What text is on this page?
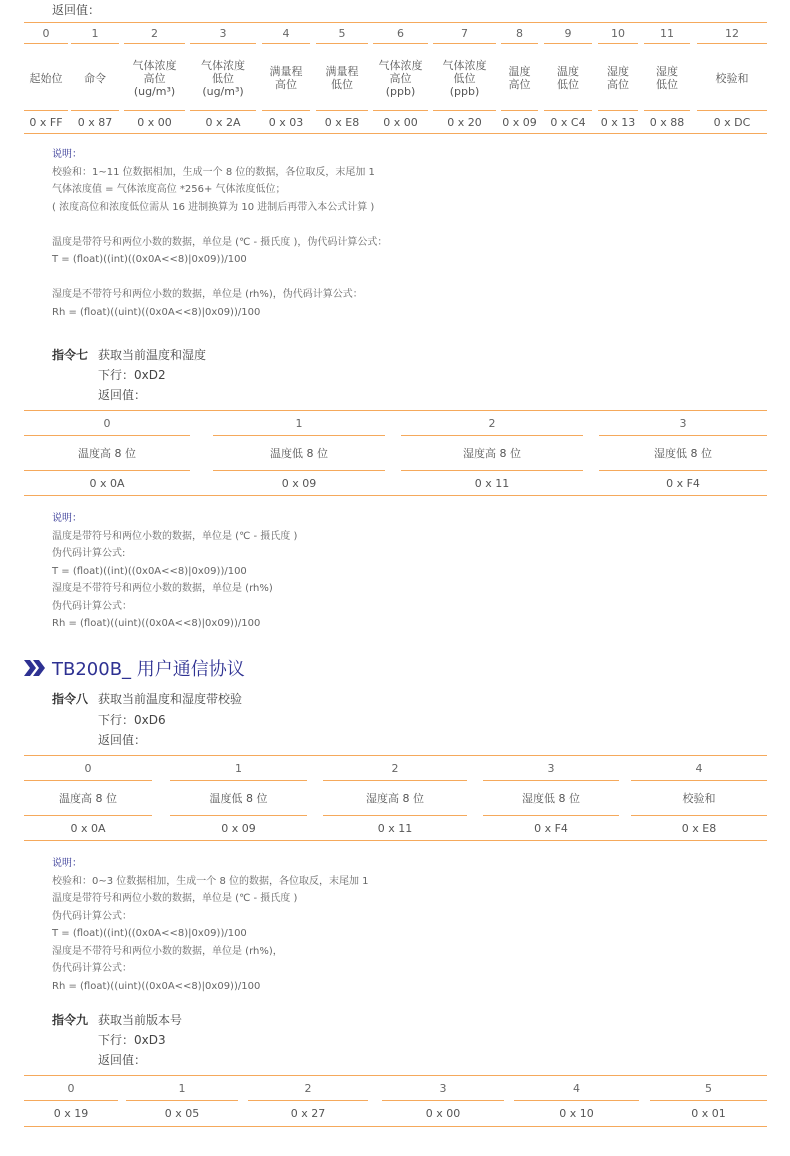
返回值：
说明：
校验和：1~11 位数据相加，生成一个 8 位的数据，各位取反，末尾加 1
气体浓度值 = 气体浓度高位 *256+ 气体浓度低位；
( 浓度高位和浓度低位需从 16 进制换算为 10 进制后再带入本公式计算 )

温度是带符号和两位小数的数据，单位是 (℃ - 摄氏度 )，伪代码计算公式：
T = (float)((int)((0x0A<<8)|0x09))/100

湿度是不带符号和两位小数的数据，单位是 (rh%)，伪代码计算公式：
Rh = (float)((uint)((0x0A<<8)|0x09))/100
指令七 获取当前温度和湿度
下行：0xD2
返回值：
说明：
温度是带符号和两位小数的数据，单位是 (℃ - 摄氏度 )
伪代码计算公式:
T = (float)((int)((0x0A<<8)|0x09))/100
湿度是不带符号和两位小数的数据，单位是 (rh%)
伪代码计算公式：
Rh = (float)((uint)((0x0A<<8)|0x09))/100
TB200B_ 用户通信协议
指令八 获取当前温度和湿度带校验
下行：0xD6
返回值：
说明：
校验和：0~3 位数据相加，生成一个 8 位的数据，各位取反，末尾加 1
温度是带符号和两位小数的数据，单位是 (℃ - 摄氏度 )
伪代码计算公式：
T = (float)((int)((0x0A<<8)|0x09))/100
湿度是不带符号和两位小数的数据，单位是 (rh%)，
伪代码计算公式：
Rh = (float)((uint)((0x0A<<8)|0x09))/100
指令九 获取当前版本号
下行：0xD3
返回值：
0
起始位
0 x FF
1
命令
0 x 87
2
气体浓度
高位
(ug/m³)
0 x 00
3
气体浓度
低位
(ug/m³)
0 x 2A
4
满量程
高位
0 x 03
5
满量程
低位
0 x E8
6
气体浓度
高位
(ppb)
0 x 00
7
气体浓度
低位
(ppb)
0 x 20
8
温度
高位
0 x 09
9
温度
低位
0 x C4
10
湿度
高位
0 x 13
11
湿度
低位
0 x 88
12
校验和
0 x DC
0
温度高 8 位
0 x 0A
1
温度低 8 位
0 x 09
2
湿度高 8 位
0 x 11
3
湿度低 8 位
0 x F4
0
温度高 8 位
0 x 0A
1
温度低 8 位
0 x 09
2
湿度高 8 位
0 x 11
3
湿度低 8 位
0 x F4
4
校验和
0 x E8
0
0 x 19
1
0 x 05
2
0 x 27
3
0 x 00
4
0 x 10
5
0 x 01
